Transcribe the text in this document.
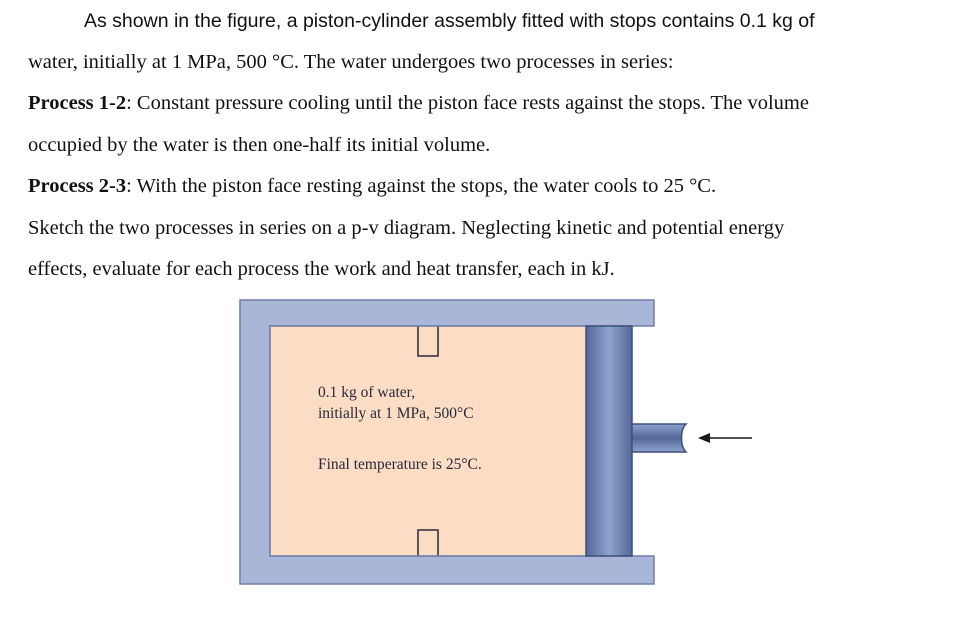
As shown in the figure, a piston-cylinder assembly fitted with stops contains 0.1 kg of
water, initially at 1 MPa, 500 °C. The water undergoes two processes in series:
Process 1-2: Constant pressure cooling until the piston face rests against the stops. The volume
occupied by the water is then one-half its initial volume.
Process 2-3: With the piston face resting against the stops, the water cools to 25 °C.
Sketch the two processes in series on a p-v diagram. Neglecting kinetic and potential energy
effects, evaluate for each process the work and heat transfer, each in kJ.
0.1 kg of water,
initially at 1 MPa, 500°C
Final temperature is 25°C.
